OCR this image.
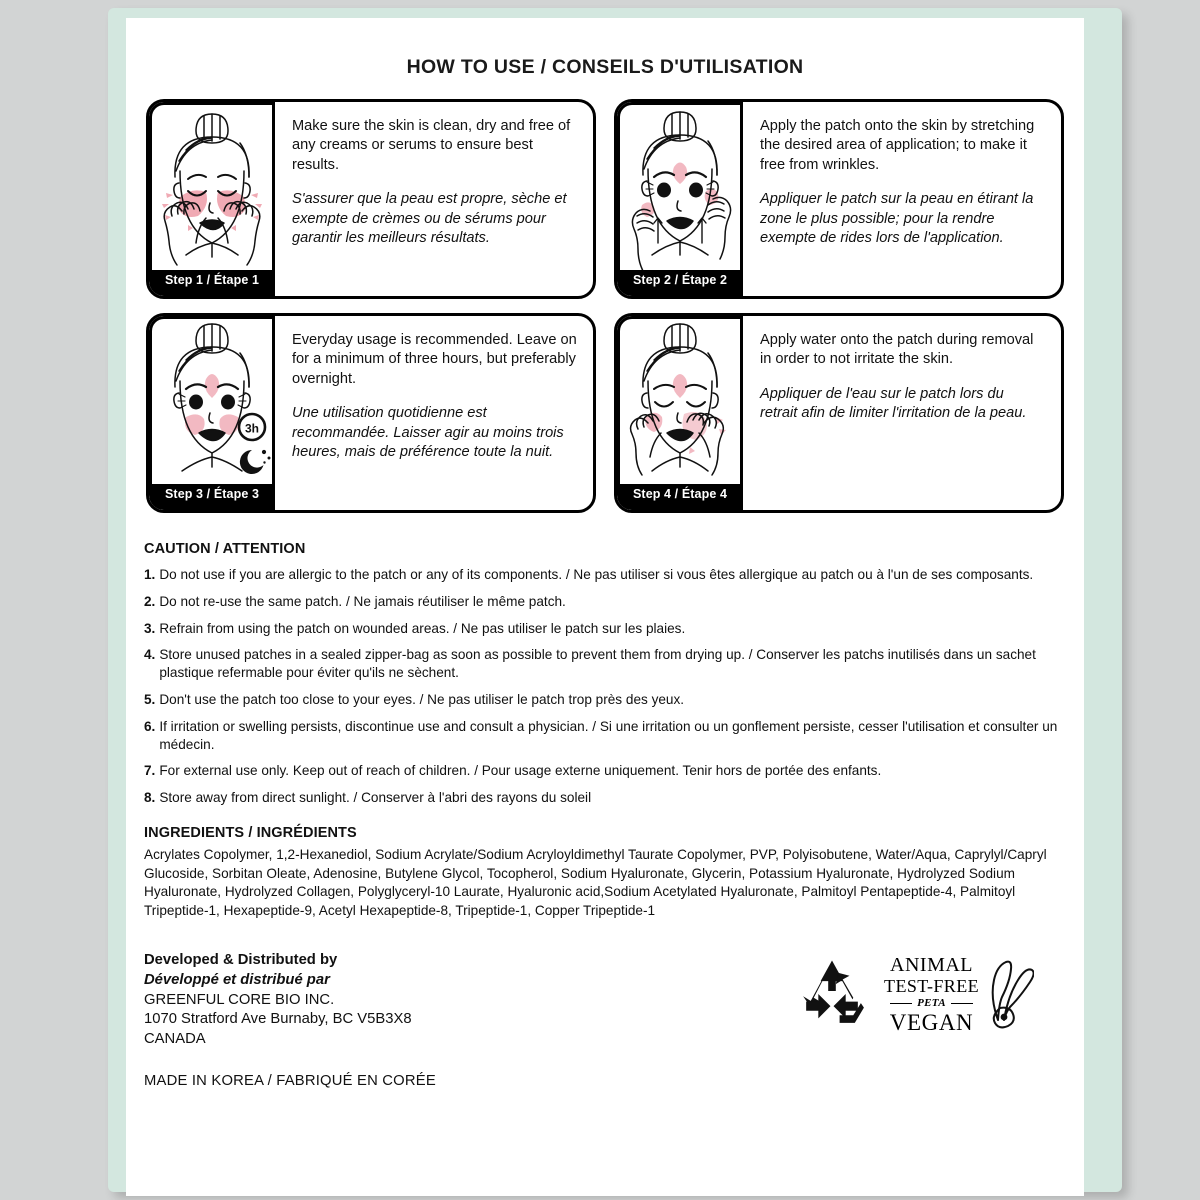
HOW TO USE / CONSEILS D'UTILISATION
Step 1 / Étape 1
Make sure the skin is clean, dry and free of any creams or serums to ensure best results.
S'assurer que la peau est propre, sèche et exempte de crèmes ou de sérums pour garantir les meilleurs résultats.
Step 2 / Étape 2
Apply the patch onto the skin by stretching the desired area of application; to make it free from wrinkles.
Appliquer le patch sur la peau en étirant la zone le plus possible; pour la rendre exempte de rides lors de l'application.
3h
Step 3 / Étape 3
Everyday usage is recommended. Leave on for a minimum of three hours, but preferably overnight.
Une utilisation quotidienne est recommandée. Laisser agir au moins trois heures, mais de préférence toute la nuit.
Step 4 / Étape 4
Apply water onto the patch during removal in order to not irritate the skin.
Appliquer de l'eau sur le patch lors du retrait afin de limiter l'irritation de la peau.
CAUTION / ATTENTION
1. Do not use if you are allergic to the patch or any of its components. / Ne pas utiliser si vous êtes allergique au patch ou à l'un de ses composants.
2. Do not re-use the same patch. / Ne jamais réutiliser le même patch.
3. Refrain from using the patch on wounded areas. / Ne pas utiliser le patch sur les plaies.
4. Store unused patches in a sealed zipper-bag as soon as possible to prevent them from drying up. / Conserver les patchs inutilisés dans un sachet plastique refermable pour éviter qu'ils ne sèchent.
5. Don't use the patch too close to your eyes. / Ne pas utiliser le patch trop près des yeux.
6. If irritation or swelling persists, discontinue use and consult a physician. / Si une irritation ou un gonflement persiste, cesser l'utilisation et consulter un médecin.
7. For external use only. Keep out of reach of children. / Pour usage externe uniquement. Tenir hors de portée des enfants.
8. Store away from direct sunlight. / Conserver à l'abri des rayons du soleil
INGREDIENTS / INGRÉDIENTS
Acrylates Copolymer, 1,2-Hexanediol, Sodium Acrylate/Sodium Acryloyldimethyl Taurate Copolymer, PVP, Polyisobutene, Water/Aqua, Caprylyl/Capryl Glucoside, Sorbitan Oleate, Adenosine, Butylene Glycol, Tocopherol, Sodium Hyaluronate, Glycerin, Potassium Hyaluronate, Hydrolyzed Sodium Hyaluronate, Hydrolyzed Collagen, Polyglyceryl-10 Laurate, Hyaluronic acid,Sodium Acetylated Hyaluronate, Palmitoyl Pentapeptide-4, Palmitoyl Tripeptide-1, Hexapeptide-9, Acetyl Hexapeptide-8, Tripeptide-1, Copper Tripeptide-1
Developed & Distributed by
Développé et distribué par
GREENFUL CORE BIO INC.
1070 Stratford Ave Burnaby, BC V5B3X8
CANADA
MADE IN KOREA / FABRIQUÉ EN CORÉE
ANIMAL
TEST-FREE
PETA
VEGAN
